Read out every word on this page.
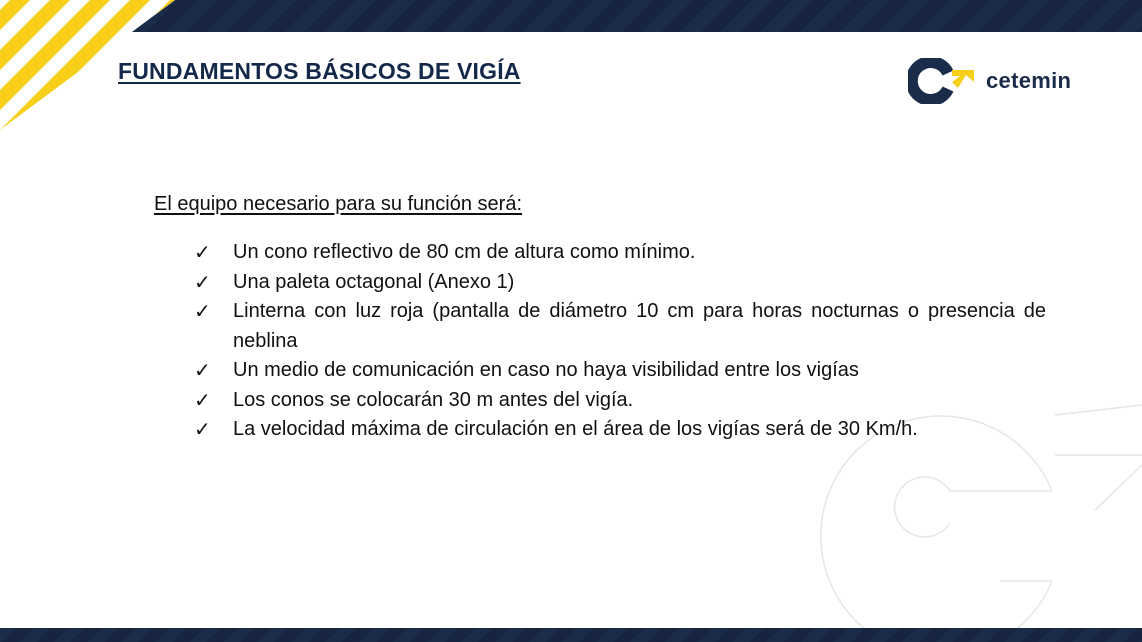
FUNDAMENTOS BÁSICOS DE VIGÍA	cetemin

El equipo necesario para su función será:

✓ Un cono reflectivo de 80 cm de altura como mínimo.
✓ Una paleta octagonal (Anexo 1)
✓ Linterna con luz roja (pantalla de diámetro 10 cm para horas nocturnas o presencia de neblina
✓ Un medio de comunicación en caso no haya visibilidad entre los vigías
✓ Los conos se colocarán 30 m antes del vigía.
✓ La velocidad máxima de circulación en el área de los vigías será de 30 Km/h.
